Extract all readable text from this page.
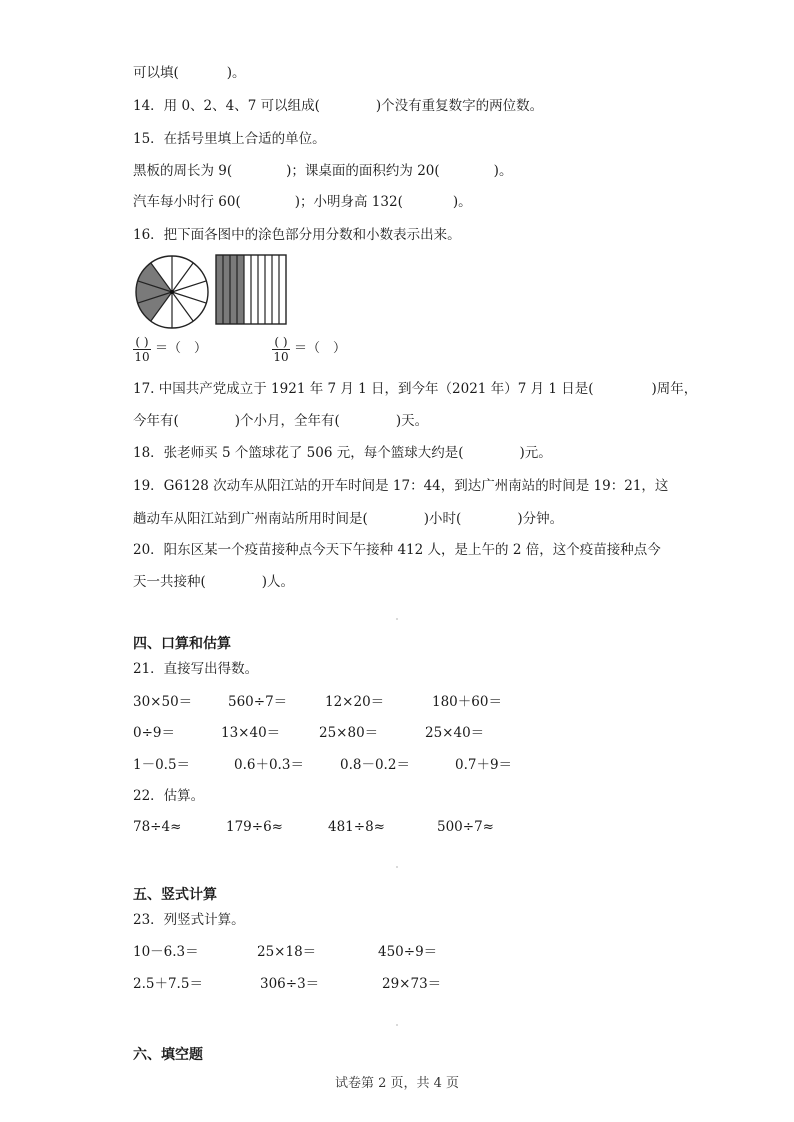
可以填(	)。
14．用 0、2、4、7 可以组成(	)个没有重复数字的两位数。
15．在括号里填上合适的单位。
黑板的周长为 9(	)；课桌面的面积约为 20(	)。
汽车每小时行 60(	)；小明身高 132(	)。
16．把下面各图中的涂色部分用分数和小数表示出来。
( )
10
＝（　）	( )
10
＝（　）
17. 中国共产党成立于 1921 年 7 月 1 日，到今年（2021 年）7 月 1 日是(	)周年，
今年有(	)个小月，全年有(	)天。
18．张老师买 5 个篮球花了 506 元，每个篮球大约是(	)元。
19．G6128 次动车从阳江站的开车时间是 17：44，到达广州南站的时间是 19：21，这
趟动车从阳江站到广州南站所用时间是(	)小时(	)分钟。
20．阳东区某一个疫苗接种点今天下午接种 412 人，是上午的 2 倍，这个疫苗接种点今
天一共接种(	)人。
四、口算和估算
21．直接写出得数。
30×50＝	560÷7＝	12×20＝	180＋60＝
0÷9＝	13×40＝	25×80＝	25×40＝
1－0.5＝	0.6＋0.3＝	0.8－0.2＝	0.7＋9＝
22．估算。
78÷4≈	179÷6≈	481÷8≈	500÷7≈
五、竖式计算
23．列竖式计算。
10－6.3＝	25×18＝	450÷9＝
2.5＋7.5＝	306÷3＝	29×73＝
六、填空题
试卷第 2 页，共 4 页
